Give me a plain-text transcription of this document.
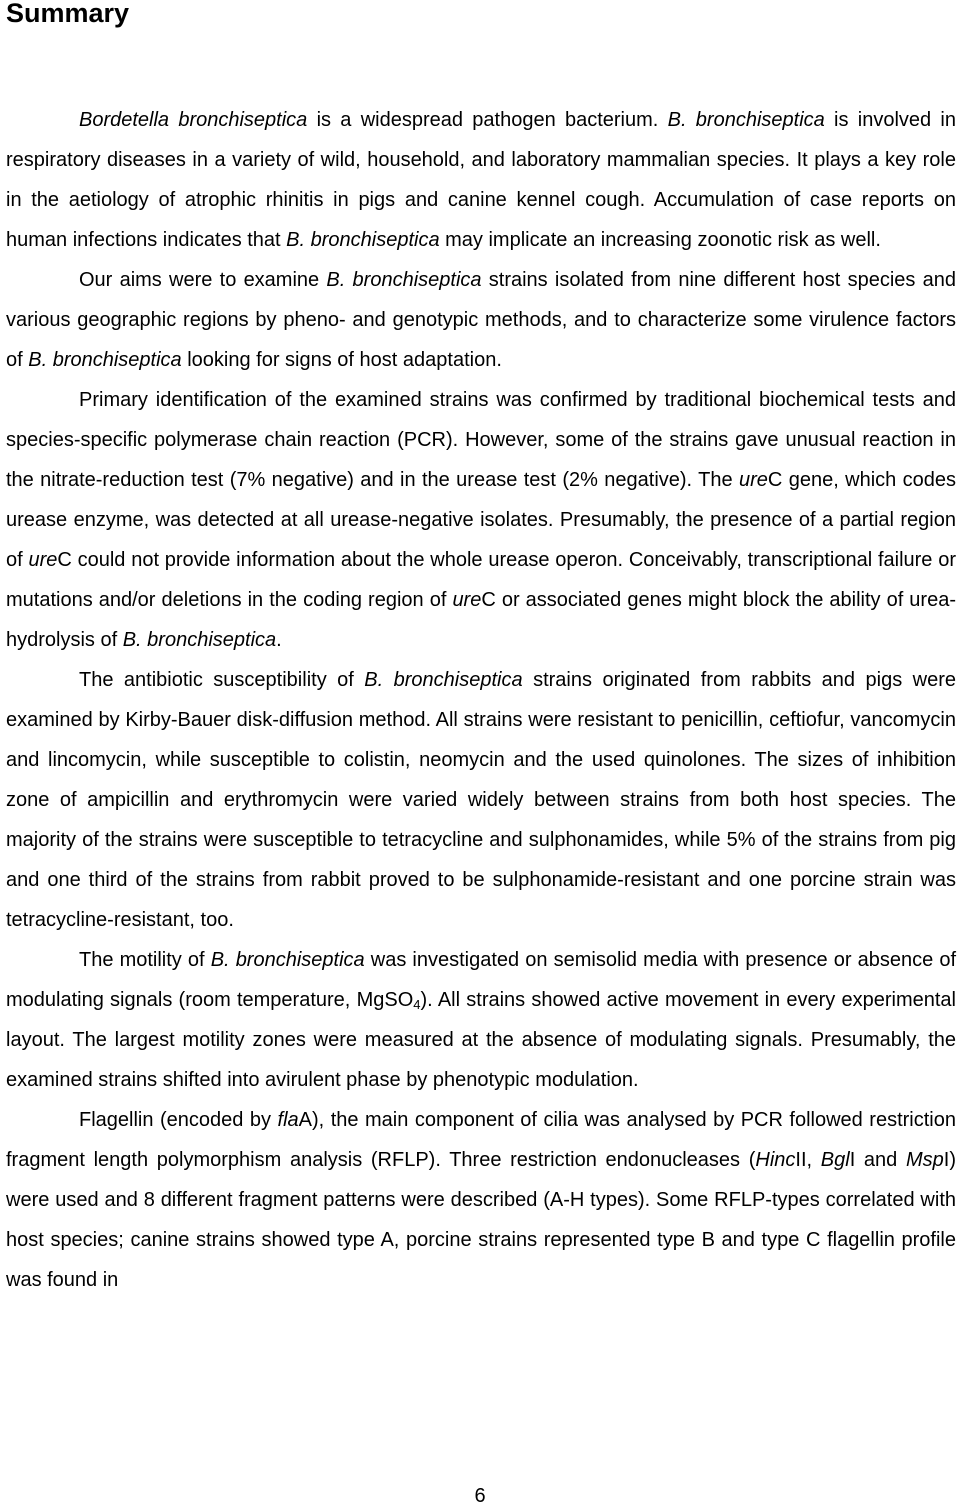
Summary

Bordetella bronchiseptica is a widespread pathogen bacterium. B. bronchiseptica is involved in respiratory diseases in a variety of wild, household, and laboratory mammalian species. It plays a key role in the aetiology of atrophic rhinitis in pigs and canine kennel cough. Accumulation of case reports on human infections indicates that B. bronchiseptica may implicate an increasing zoonotic risk as well.

Our aims were to examine B. bronchiseptica strains isolated from nine different host species and various geographic regions by pheno- and genotypic methods, and to characterize some virulence factors of B. bronchiseptica looking for signs of host adaptation.

Primary identification of the examined strains was confirmed by traditional biochemical tests and species-specific polymerase chain reaction (PCR). However, some of the strains gave unusual reaction in the nitrate-reduction test (7% negative) and in the urease test (2% negative). The ureC gene, which codes urease enzyme, was detected at all urease-negative isolates. Presumably, the presence of a partial region of ureC could not provide information about the whole urease operon. Conceivably, transcriptional failure or mutations and/or deletions in the coding region of ureC or associated genes might block the ability of urea-hydrolysis of B. bronchiseptica.

The antibiotic susceptibility of B. bronchiseptica strains originated from rabbits and pigs were examined by Kirby-Bauer disk-diffusion method. All strains were resistant to penicillin, ceftiofur, vancomycin and lincomycin, while susceptible to colistin, neomycin and the used quinolones. The sizes of inhibition zone of ampicillin and erythromycin were varied widely between strains from both host species. The majority of the strains were susceptible to tetracycline and sulphonamides, while 5% of the strains from pig and one third of the strains from rabbit proved to be sulphonamide-resistant and one porcine strain was tetracycline-resistant, too.

The motility of B. bronchiseptica was investigated on semisolid media with presence or absence of modulating signals (room temperature, MgSO$_4$). All strains showed active movement in every experimental layout. The largest motility zones were measured at the absence of modulating signals. Presumably, the examined strains shifted into avirulent phase by phenotypic modulation.

Flagellin (encoded by flaA), the main component of cilia was analysed by PCR followed restriction fragment length polymorphism analysis (RFLP). Three restriction endonucleases (HincII, BglI and MspI) were used and 8 different fragment patterns were described (A-H types). Some RFLP-types correlated with host species; canine strains showed type A, porcine strains represented type B and type C flagellin profile was found in

6
